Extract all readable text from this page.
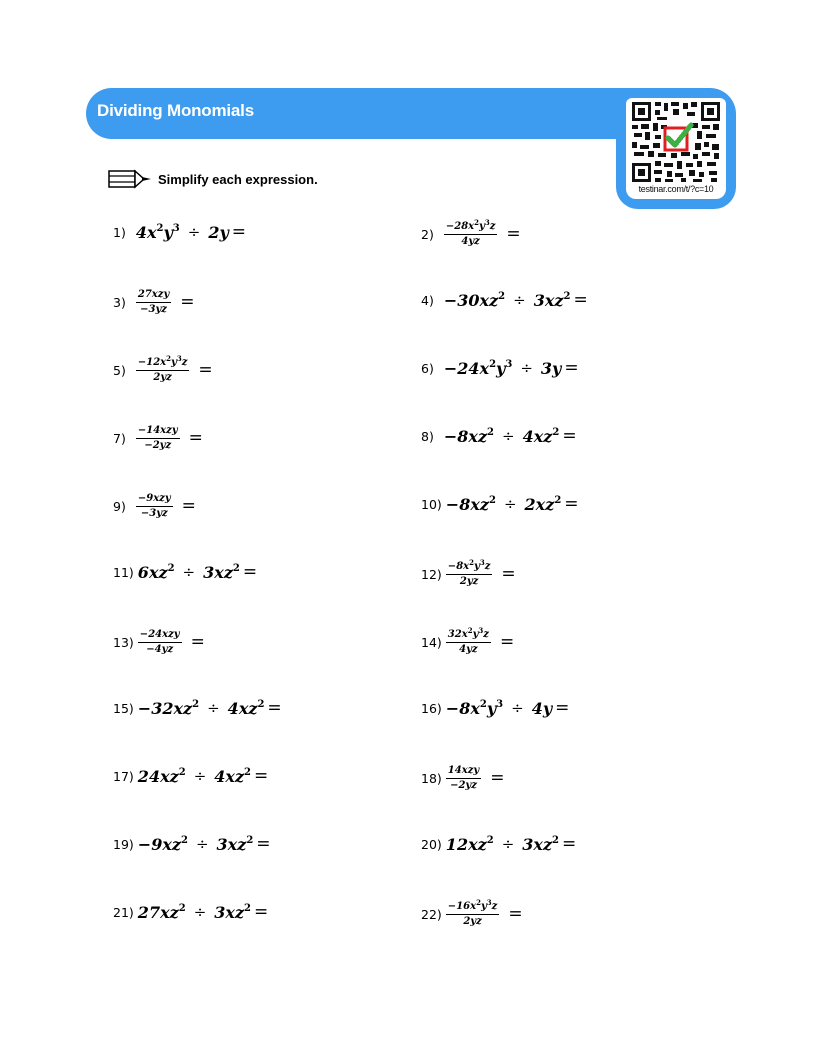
Dividing Monomials
testinar.com/t/?c=10
Simplify each expression.
1) $4x^2y^3 \div 2y$ =	$2) \frac{-28x^2y^3z}{4yz}$ =
$3) \frac{\text{27xzy}}{-3yz}$ =	$4) -30xz^2 \div 3xz^2$ =
$5) \frac{-12x^2y^3z}{2yz}$ =	$6) -24x^2y^3 \div 3y$ =
$7) \frac{\text{−14xzy}}{-2yz}$ =	$8) -8xz^2 \div 4xz^2$ =
$9) \frac{\text{−9xzy}}{-3yz}$ =	$10) -8xz^2 \div 2xz^2$ =
11) $6xz^2 \div 3xz^2$ =	$12) \frac{-8x^2y^3z}{2yz}$ =
$13) \frac{\text{−24xzy}}{-4yz}$ =	$14) \frac{32x^2y^3z}{4yz}$ =
$15) -32xz^2 \div 4xz^2$ =	$16) -8x^2y^3 \div 4y$ =
17) $24xz^2 \div 4xz^2$ =	$18) \frac{\text{14xzy}}{-2yz}$ =
$19) -9xz^2 \div 3xz^2$ =	20) $12xz^2 \div 3xz^2$ =
21) $27xz^2 \div 3xz^2$ =	$22) \frac{-16x^2y^3z}{2yz}$ =
